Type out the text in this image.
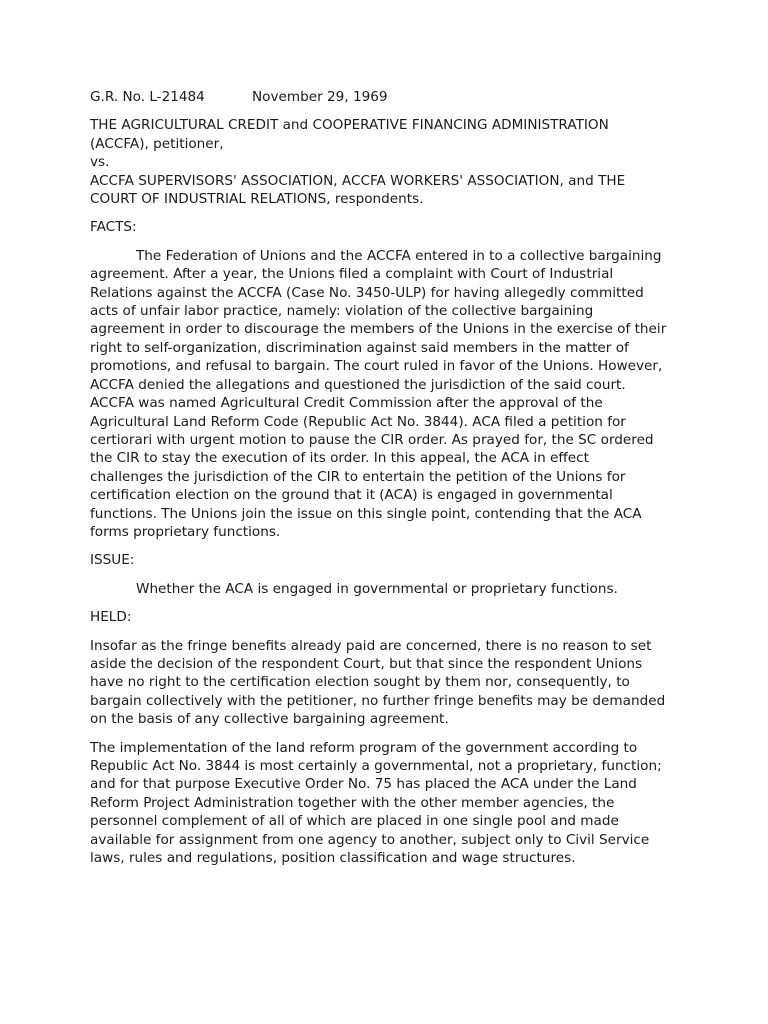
G.R. No. L-21484	November 29, 1969
THE AGRICULTURAL CREDIT and COOPERATIVE FINANCING ADMINISTRATION
(ACCFA), petitioner,
vs.
ACCFA SUPERVISORS' ASSOCIATION, ACCFA WORKERS' ASSOCIATION, and THE
COURT OF INDUSTRIAL RELATIONS, respondents.
FACTS:
The Federation of Unions and the ACCFA entered in to a collective bargaining
agreement. After a year, the Unions filed a complaint with Court of Industrial
Relations against the ACCFA (Case No. 3450-ULP) for having allegedly committed
acts of unfair labor practice, namely: violation of the collective bargaining
agreement in order to discourage the members of the Unions in the exercise of their
right to self-organization, discrimination against said members in the matter of
promotions, and refusal to bargain. The court ruled in favor of the Unions. However,
ACCFA denied the allegations and questioned the jurisdiction of the said court.
ACCFA was named Agricultural Credit Commission after the approval of the
Agricultural Land Reform Code (Republic Act No. 3844). ACA filed a petition for
certiorari with urgent motion to pause the CIR order. As prayed for, the SC ordered
the CIR to stay the execution of its order. In this appeal, the ACA in effect
challenges the jurisdiction of the CIR to entertain the petition of the Unions for
certification election on the ground that it (ACA) is engaged in governmental
functions. The Unions join the issue on this single point, contending that the ACA
forms proprietary functions.
ISSUE:
Whether the ACA is engaged in governmental or proprietary functions.
HELD:
Insofar as the fringe benefits already paid are concerned, there is no reason to set
aside the decision of the respondent Court, but that since the respondent Unions
have no right to the certification election sought by them nor, consequently, to
bargain collectively with the petitioner, no further fringe benefits may be demanded
on the basis of any collective bargaining agreement.
The implementation of the land reform program of the government according to
Republic Act No. 3844 is most certainly a governmental, not a proprietary, function;
and for that purpose Executive Order No. 75 has placed the ACA under the Land
Reform Project Administration together with the other member agencies, the
personnel complement of all of which are placed in one single pool and made
available for assignment from one agency to another, subject only to Civil Service
laws, rules and regulations, position classification and wage structures.
